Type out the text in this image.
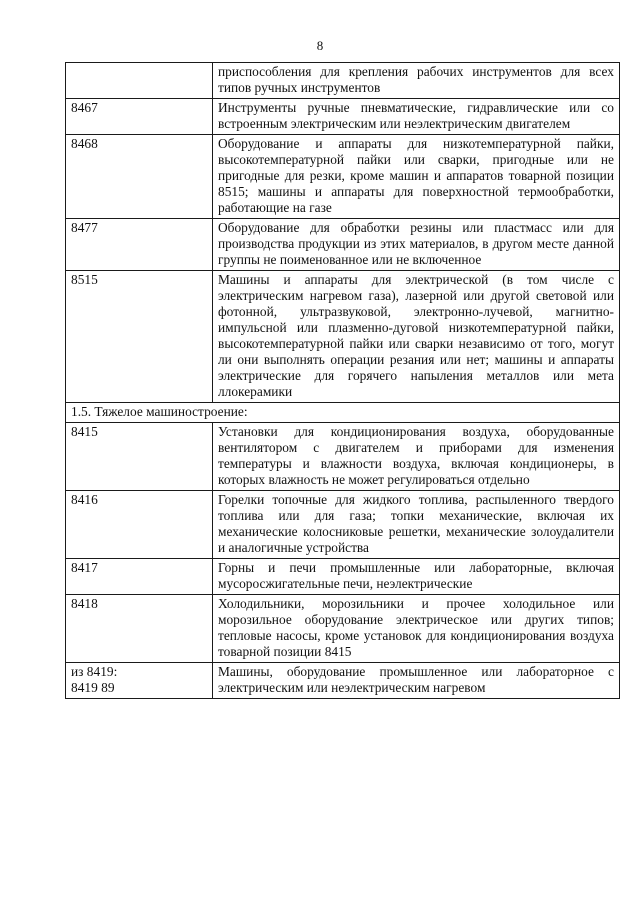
8
	приспособления для крепления рабочих инструментов для всех типов ручных инструментов
8467	Инструменты ручные пневматические, гидравлические или со встроенным электрическим или неэлектрическим двигателем
8468	Оборудование и аппараты для низкотемпературной пайки, высокотемпературной пайки или сварки, пригодные или не пригодные для резки, кроме машин и аппаратов товарной позиции 8515; машины и аппараты для поверхностной термообработки, работающие на газе
8477	Оборудование для обработки резины или пластмасс или для производства продукции из этих материалов, в другом месте данной группы не поименованное или не включенное
8515	Машины и аппараты для электрической (в том числе с электрическим нагревом газа), лазерной или другой световой или фотонной, ультразвуковой, электронно-лучевой, магнитно-импульсной или плазменно-дуговой низкотемпературной пайки, высокотемпературной пайки или сварки независимо от того, могут ли они выполнять операции резания или нет; машины и аппараты электрические для горячего напыления металлов или мета ллокерамики
1.5. Тяжелое машиностроение:	
8415	Установки для кондиционирования воздуха, оборудованные вентилятором с двигателем и приборами для изменения температуры и влажности воздуха, включая кондиционеры, в которых влажность не может регулироваться отдельно
8416	Горелки топочные для жидкого топлива, распыленного твердого топлива или для газа; топки механические, включая их механические колосниковые решетки, механические золоудалители и аналогичные устройства
8417	Горны и печи промышленные или лабораторные, включая мусоросжигательные печи, неэлектрические
8418	Холодильники, морозильники и прочее холодильное или морозильное оборудование электрическое или других типов; тепловые насосы, кроме установок для кондиционирования воздуха товарной позиции 8415

из 8419:
8419 89	Машины, оборудование промышленное или лабораторное с электрическим или неэлектрическим нагревом
